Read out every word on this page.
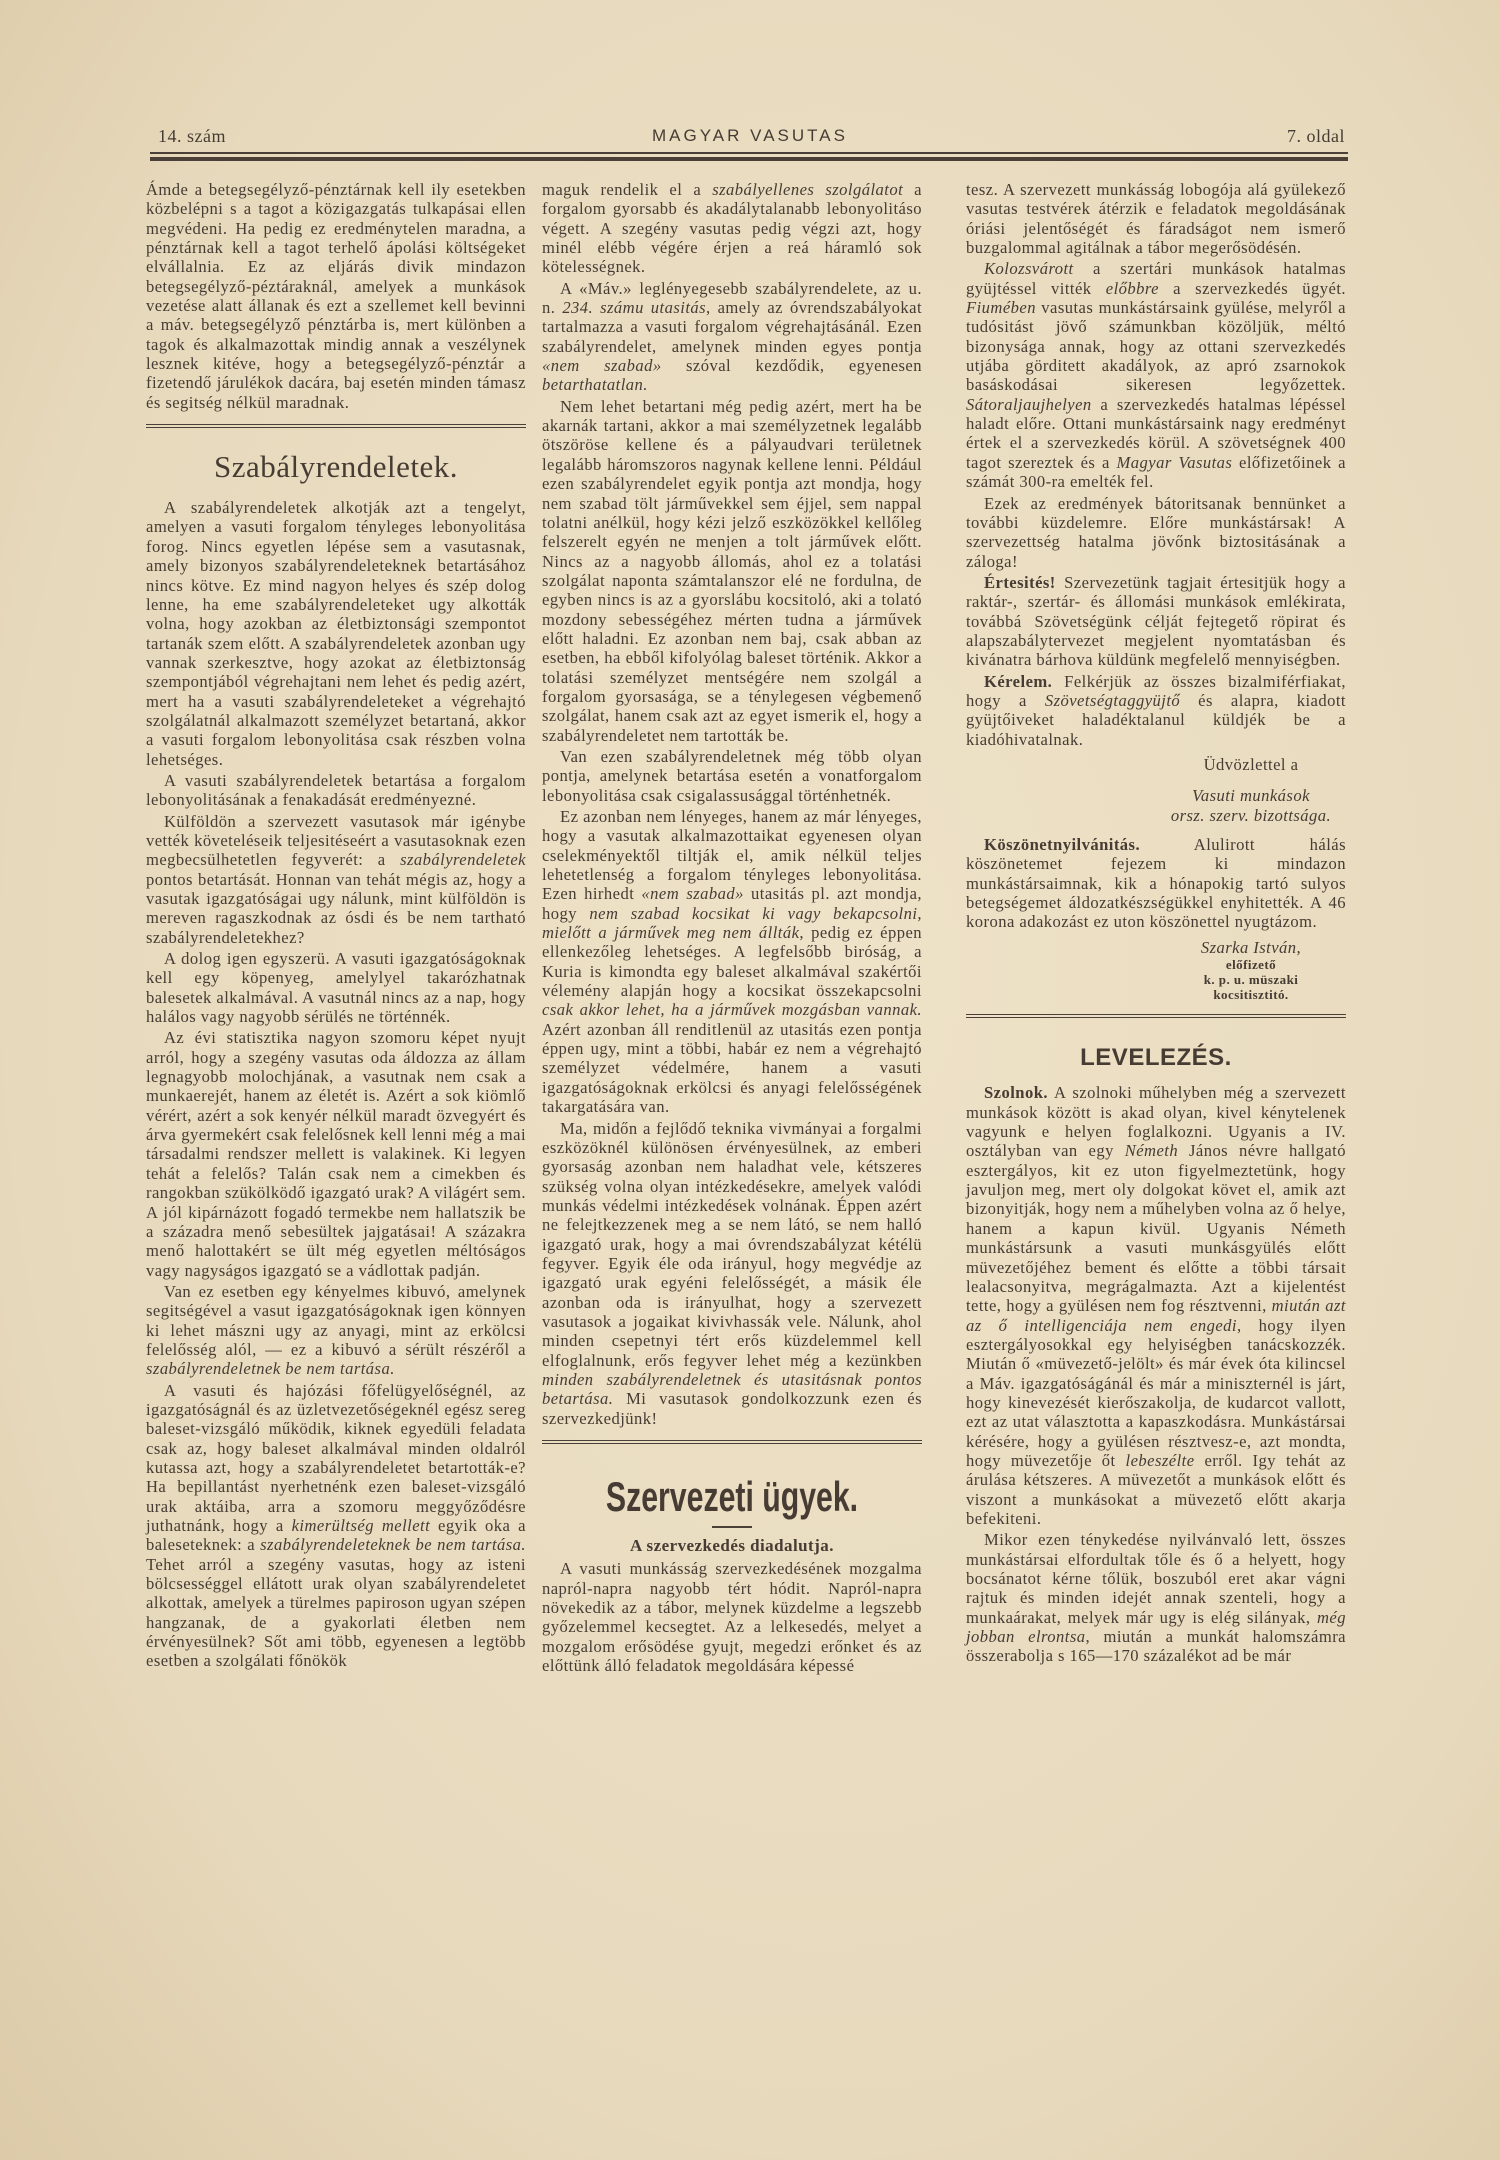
14. szám	MAGYAR VASUTAS	7. oldal

Ámde a betegsegélyző-pénztárnak kell ily esetekben közbelépni s a tagot a közigazgatás tulkapásai ellen megvédeni. Ha pedig ez eredménytelen maradna, a pénztárnak kell a tagot terhelő ápolási költségeket elvállalnia. Ez az eljárás divik mindazon betegsegélyző-péztáraknál, amelyek a munkások vezetése alatt állanak és ezt a szellemet kell bevinni a máv. betegsegélyző pénztárba is, mert különben a tagok és alkalmazottak mindig annak a veszélynek lesznek kitéve, hogy a betegsegélyző-pénztár a fizetendő járulékok dacára, baj esetén minden támasz és segitség nélkül maradnak.

Szabályrendeletek.

A szabályrendeletek alkotják azt a tengelyt, amelyen a vasuti forgalom tényleges lebonyolitása forog. Nincs egyetlen lépése sem a vasutasnak, amely bizonyos szabályrendeleteknek betartásához nincs kötve. Ez mind nagyon helyes és szép dolog lenne, ha eme szabályrendeleteket ugy alkották volna, hogy azokban az életbiztonsági szempontot tartanák szem előtt. A szabályrendeletek azonban ugy vannak szerkesztve, hogy azokat az életbiztonság szempontjából végrehajtani nem lehet és pedig azért, mert ha a vasuti szabályrendeleteket a végrehajtó szolgálatnál alkalmazott személyzet betartaná, akkor a vasuti forgalom lebonyolitása csak részben volna lehetséges.

A vasuti szabályrendeletek betartása a forgalom lebonyolitásának a fenakadását eredményezné.

Külföldön a szervezett vasutasok már igénybe vették követeléseik teljesitéseért a vasutasoknak ezen megbecsülhetetlen fegyverét: a szabályrendeletek pontos betartását. Honnan van tehát mégis az, hogy a vasutak igazgatóságai ugy nálunk, mint külföldön is mereven ragaszkodnak az ósdi és be nem tartható szabályrendeletekhez?

A dolog igen egyszerü. A vasuti igazgatóságoknak kell egy köpenyeg, amelylyel takarózhatnak balesetek alkalmával. A vasutnál nincs az a nap, hogy halálos vagy nagyobb sérülés ne történnék.

Az évi statisztika nagyon szomoru képet nyujt arról, hogy a szegény vasutas oda áldozza az állam legnagyobb molochjának, a vasutnak nem csak a munkaerejét, hanem az életét is. Azért a sok kiömlő vérért, azért a sok kenyér nélkül maradt özvegyért és árva gyermekért csak felelősnek kell lenni még a mai társadalmi rendszer mellett is valakinek. Ki legyen tehát a felelős? Talán csak nem a cimekben és rangokban szükölködő igazgató urak? A világért sem. A jól kipárnázott fogadó termekbe nem hallatszik be a századra menő sebesültek jajgatásai! A százakra menő halottakért se ült még egyetlen méltóságos vagy nagyságos igazgató se a vádlottak padján.

Van ez esetben egy kényelmes kibuvó, amelynek segitségével a vasut igazgatóságoknak igen könnyen ki lehet mászni ugy az anyagi, mint az erkölcsi felelősség alól, — ez a kibuvó a sérült részéről a szabályrendeletnek be nem tartása.

A vasuti és hajózási főfelügyelőségnél, az igazgatóságnál és az üzletvezetőségeknél egész sereg baleset-vizsgáló működik, kiknek egyedüli feladata csak az, hogy baleset alkalmával minden oldalról kutassa azt, hogy a szabályrendeletet betartották-e? Ha bepillantást nyerhetnénk ezen baleset-vizsgáló urak aktáiba, arra a szomoru meggyőződésre juthatnánk, hogy a kimerültség mellett egyik oka a baleseteknek: a szabályrendeleteknek be nem tartása. Tehet arról a szegény vasutas, hogy az isteni bölcsességgel ellátott urak olyan szabályrendeletet alkottak, amelyek a türelmes papiroson ugyan szépen hangzanak, de a gyakorlati életben nem érvényesülnek? Sőt ami több, egyenesen a legtöbb esetben a szolgálati főnökök

maguk rendelik el a szabályellenes szolgálatot a forgalom gyorsabb és akadálytalanabb lebonyolitáso végett. A szegény vasutas pedig végzi azt, hogy minél elébb végére érjen a reá háramló sok kötelességnek.

A «Máv.» leglényegesebb szabályrendelete, az u. n. 234. számu utasitás, amely az óvrendszabályokat tartalmazza a vasuti forgalom végrehajtásánál. Ezen szabályrendelet, amelynek minden egyes pontja «nem szabad» szóval kezdődik, egyenesen betarthatatlan.

Nem lehet betartani még pedig azért, mert ha be akarnák tartani, akkor a mai személyzetnek legalább ötszöröse kellene és a pályaudvari területnek legalább háromszoros nagynak kellene lenni. Például ezen szabályrendelet egyik pontja azt mondja, hogy nem szabad tölt járművekkel sem éjjel, sem nappal tolatni anélkül, hogy kézi jelző eszközökkel kellőleg felszerelt egyén ne menjen a tolt járművek előtt. Nincs az a nagyobb állomás, ahol ez a tolatási szolgálat naponta számtalanszor elé ne fordulna, de egyben nincs is az a gyorslábu kocsitoló, aki a tolató mozdony sebességéhez mérten tudna a járművek előtt haladni. Ez azonban nem baj, csak abban az esetben, ha ebből kifolyólag baleset történik. Akkor a tolatási személyzet mentségére nem szolgál a forgalom gyorsasága, se a ténylegesen végbemenő szolgálat, hanem csak azt az egyet ismerik el, hogy a szabályrendeletet nem tartották be.

Van ezen szabályrendeletnek még több olyan pontja, amelynek betartása esetén a vonatforgalom lebonyolitása csak csigalassusággal történhetnék.

Ez azonban nem lényeges, hanem az már lényeges, hogy a vasutak alkalmazottaikat egyenesen olyan cselekményektől tiltják el, amik nélkül teljes lehetetlenség a forgalom tényleges lebonyolitása. Ezen hirhedt «nem szabad» utasitás pl. azt mondja, hogy nem szabad kocsikat ki vagy bekapcsolni, mielőtt a járművek meg nem állták, pedig ez éppen ellenkezőleg lehetséges. A legfelsőbb biróság, a Kuria is kimondta egy baleset alkalmával szakértői vélemény alapján hogy a kocsikat összekapcsolni csak akkor lehet, ha a járművek mozgásban vannak. Azért azonban áll renditlenül az utasitás ezen pontja éppen ugy, mint a többi, habár ez nem a végrehajtó személyzet védelmére, hanem a vasuti igazgatóságoknak erkölcsi és anyagi felelősségének takargatására van.

Ma, midőn a fejlődő teknika vivmányai a forgalmi eszközöknél különösen érvényesülnek, az emberi gyorsaság azonban nem haladhat vele, kétszeres szükség volna olyan intézkedésekre, amelyek valódi munkás védelmi intézkedések volnának. Éppen azért ne felejtkezzenek meg a se nem látó, se nem halló igazgató urak, hogy a mai óvrendszabályzat kétélü fegyver. Egyik éle oda irányul, hogy megvédje az igazgató urak egyéni felelősségét, a másik éle azonban oda is irányulhat, hogy a szervezett vasutasok a jogaikat kivivhassák vele. Nálunk, ahol minden csepetnyi tért erős küzdelemmel kell elfoglalnunk, erős fegyver lehet még a kezünkben minden szabályrendeletnek és utasitásnak pontos betartása. Mi vasutasok gondolkozzunk ezen és szervezkedjünk!

Szervezeti ügyek.
A szervezkedés diadalutja.

A vasuti munkásság szervezkedésének mozgalma napról-napra nagyobb tért hódit. Napról-napra növekedik az a tábor, melynek küzdelme a legszebb győzelemmel kecsegtet. Az a lelkesedés, melyet a mozgalom erősödése gyujt, megedzi erőnket és az előttünk álló feladatok megoldására képessé

tesz. A szervezett munkásság lobogója alá gyülekező vasutas testvérek átérzik e feladatok megoldásának óriási jelentőségét és fáradságot nem ismerő buzgalommal agitálnak a tábor megerősödésén.

Kolozsvárott a szertári munkások hatalmas gyüjtéssel vitték előbbre a szervezkedés ügyét. Fiumében vasutas munkástársaink gyülése, melyről a tudósitást jövő számunkban közöljük, méltó bizonysága annak, hogy az ottani szervezkedés utjába görditett akadályok, az apró zsarnokok basáskodásai sikeresen legyőzettek. Sátoraljaujhelyen a szervezkedés hatalmas lépéssel haladt előre. Ottani munkástársaink nagy eredményt értek el a szervezkedés körül. A szövetségnek 400 tagot szereztek és a Magyar Vasutas előfizetőinek a számát 300-ra emelték fel.

Ezek az eredmények bátoritsanak bennünket a további küzdelemre. Előre munkástársak! A szervezettség hatalma jövőnk biztositásának a záloga!

Értesités! Szervezetünk tagjait értesitjük hogy a raktár-, szertár- és állomási munkások emlékirata, továbbá Szövetségünk célját fejtegető röpirat és alapszabálytervezet megjelent nyomtatásban és kivánatra bárhova küldünk megfelelő mennyiségben.

Kérelem. Felkérjük az összes bizalmiférfiakat, hogy a Szövetségtaggyüjtő és alapra, kiadott gyüjtőiveket haladéktalanul küldjék be a kiadóhivatalnak.

Üdvözlettel a
Vasuti munkások
orsz. szerv. bizottsága.

Köszönetnyilvánitás. Alulirott hálás köszönetemet fejezem ki mindazon munkástársaimnak, kik a hónapokig tartó sulyos betegségemet áldozatkészségükkel enyhitették. A 46 korona adakozást ez uton köszönettel nyugtázom.

Szarka István,
előfizető
k. p. u. müszaki
kocsitisztitó.
LEVELEZÉS.

Szolnok. A szolnoki műhelyben még a szervezett munkások között is akad olyan, kivel kénytelenek vagyunk e helyen foglalkozni. Ugyanis a IV. osztályban van egy Németh János névre hallgató esztergályos, kit ez uton figyelmeztetünk, hogy javuljon meg, mert oly dolgokat követ el, amik azt bizonyitják, hogy nem a műhelyben volna az ő helye, hanem a kapun kivül. Ugyanis Németh munkástársunk a vasuti munkásgyülés előtt müvezetőjéhez bement és előtte a többi társait lealacsonyitva, megrágalmazta. Azt a kijelentést tette, hogy a gyülésen nem fog résztvenni, miután azt az ő intelligenciája nem engedi, hogy ilyen esztergályosokkal egy helyiségben tanácskozzék. Miután ő «müvezető-jelölt» és már évek óta kilincsel a Máv. igazgatóságánál és már a miniszternél is járt, hogy kinevezését kierőszakolja, de kudarcot vallott, ezt az utat választotta a kapaszkodásra. Munkástársai kérésére, hogy a gyülésen résztvesz-e, azt mondta, hogy müvezetője őt lebeszélte erről. Igy tehát az árulása kétszeres. A müvezetőt a munkások előtt és viszont a munkásokat a müvezető előtt akarja befekiteni.

Mikor ezen ténykedése nyilvánvaló lett, összes munkástársai elfordultak tőle és ő a helyett, hogy bocsánatot kérne tőlük, boszuból eret akar vágni rajtuk és minden idejét annak szenteli, hogy a munkaárakat, melyek már ugy is elég silányak, még jobban elrontsa, miután a munkát halomszámra összerabolja s 165—170 százalékot ad be már
